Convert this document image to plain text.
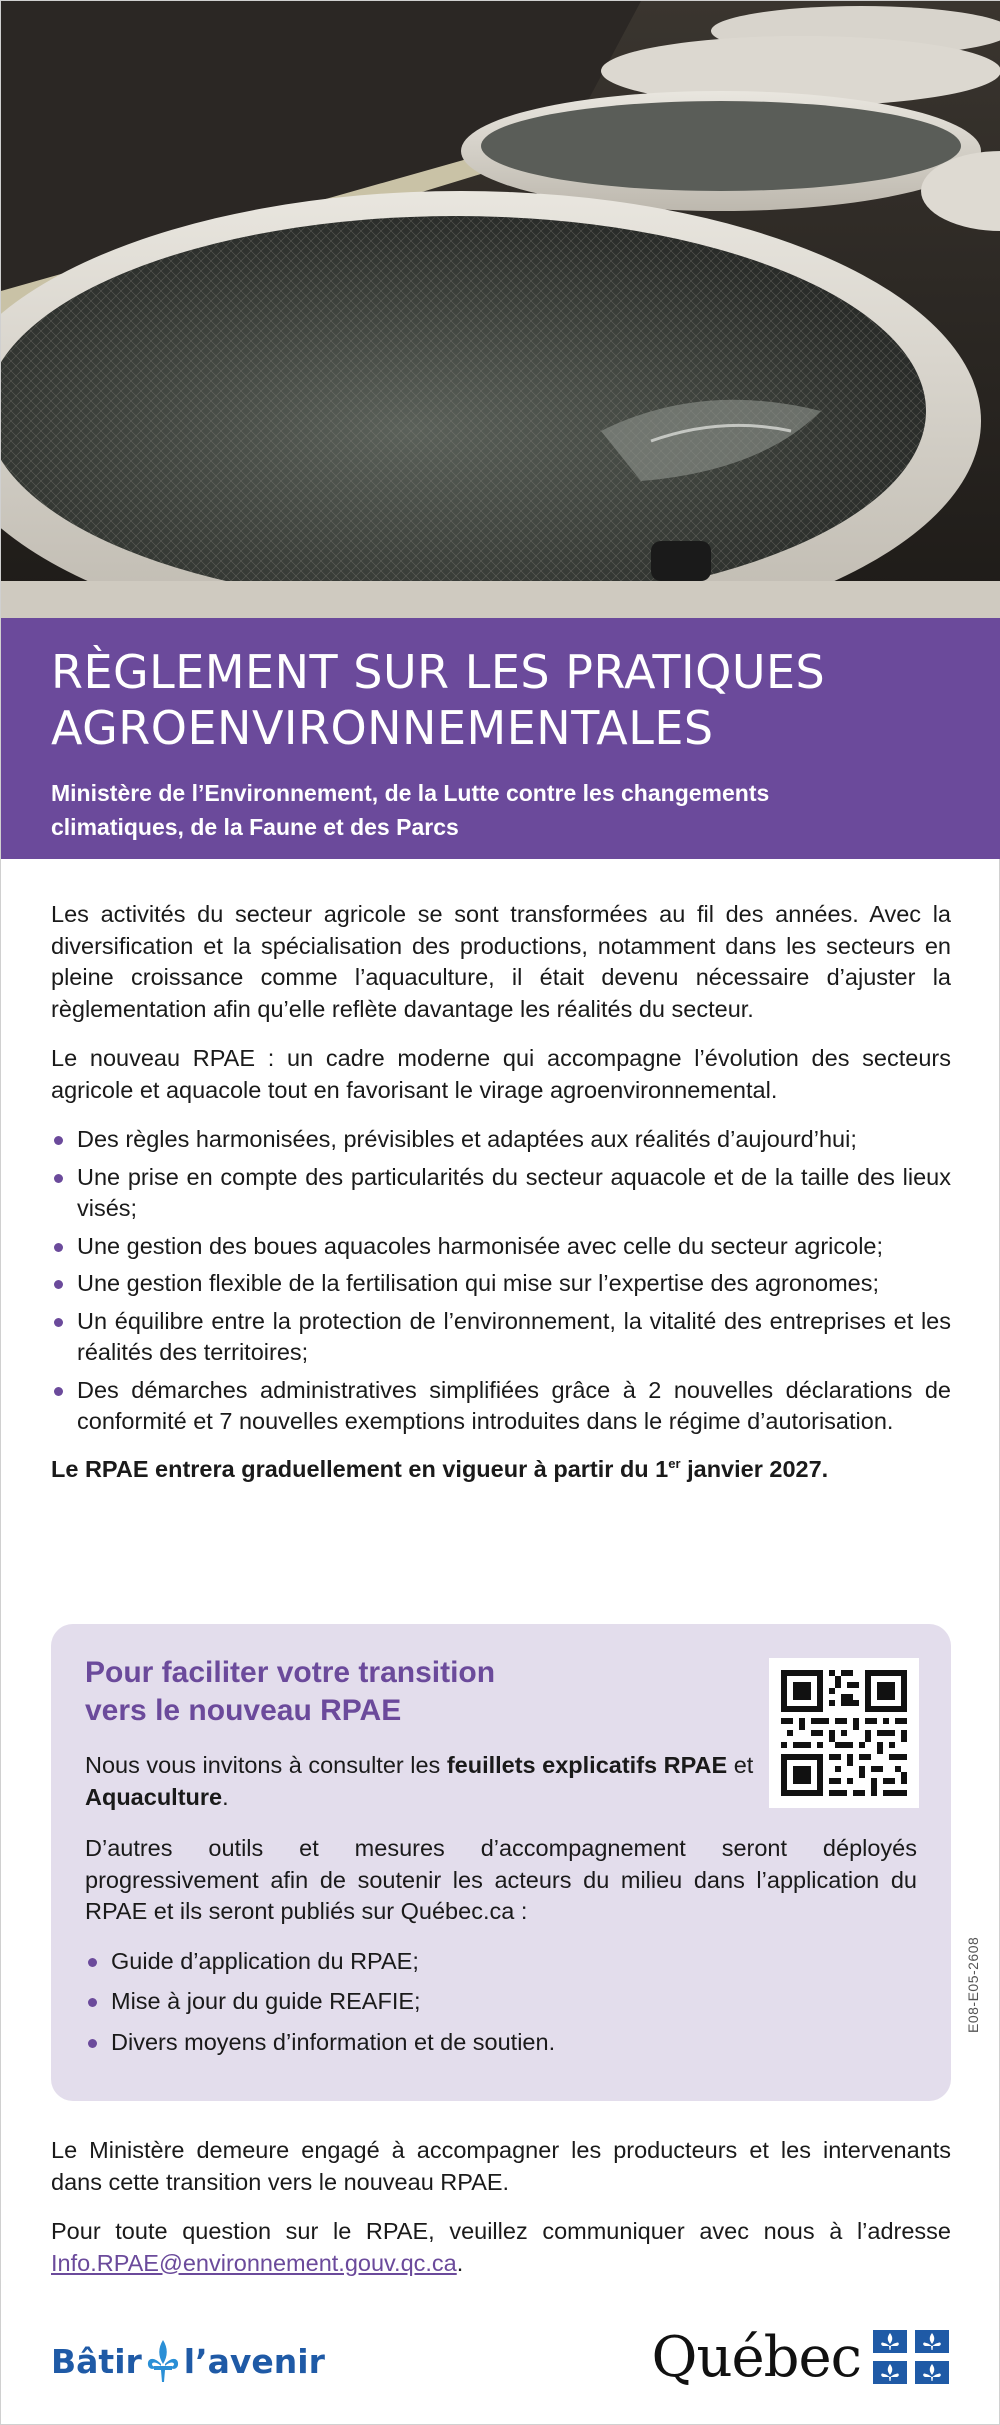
RÈGLEMENT SUR LES PRATIQUES
AGROENVIRONNEMENTALES
Ministère de l’Environnement, de la Lutte contre les changements
climatiques, de la Faune et des Parcs

Les activités du secteur agricole se sont transformées au fil des années. Avec la diversification et la spécialisation des productions, notamment dans les secteurs en pleine croissance comme l’aquaculture, il était devenu nécessaire d’ajuster la règlementation afin qu’elle reflète davantage les réalités du secteur.

Le nouveau RPAE : un cadre moderne qui accompagne l’évolution des secteurs agricole et aquacole tout en favorisant le virage agroenvironnemental.

Des règles harmonisées, prévisibles et adaptées aux réalités d’aujourd’hui;
Une prise en compte des particularités du secteur aquacole et de la taille des lieux visés;
Une gestion des boues aquacoles harmonisée avec celle du secteur agricole;
Une gestion flexible de la fertilisation qui mise sur l’expertise des agronomes;
Un équilibre entre la protection de l’environnement, la vitalité des entreprises et les réalités des territoires;
Des démarches administratives simplifiées grâce à 2 nouvelles déclarations de conformité et 7 nouvelles exemptions introduites dans le régime d’autorisation.

Le RPAE entrera graduellement en vigueur à partir du 1er janvier 2027.

Pour faciliter votre transition
vers le nouveau RPAE

Nous vous invitons à consulter les feuillets explicatifs RPAE et Aquaculture.

D’autres outils et mesures d’accompagnement seront déployés progressivement afin de soutenir les acteurs du milieu dans l’application du RPAE et ils seront publiés sur Québec.ca :

Guide d’application du RPAE;
Mise à jour du guide REAFIE;
Divers moyens d’information et de soutien.
E08-E05-2608

Le Ministère demeure engagé à accompagner les producteurs et les intervenants dans cette transition vers le nouveau RPAE.

Pour toute question sur le RPAE, veuillez communiquer avec nous à l’adresse Info.RPAE@environnement.gouv.qc.ca.

Bâtir l’avenir	Québec
